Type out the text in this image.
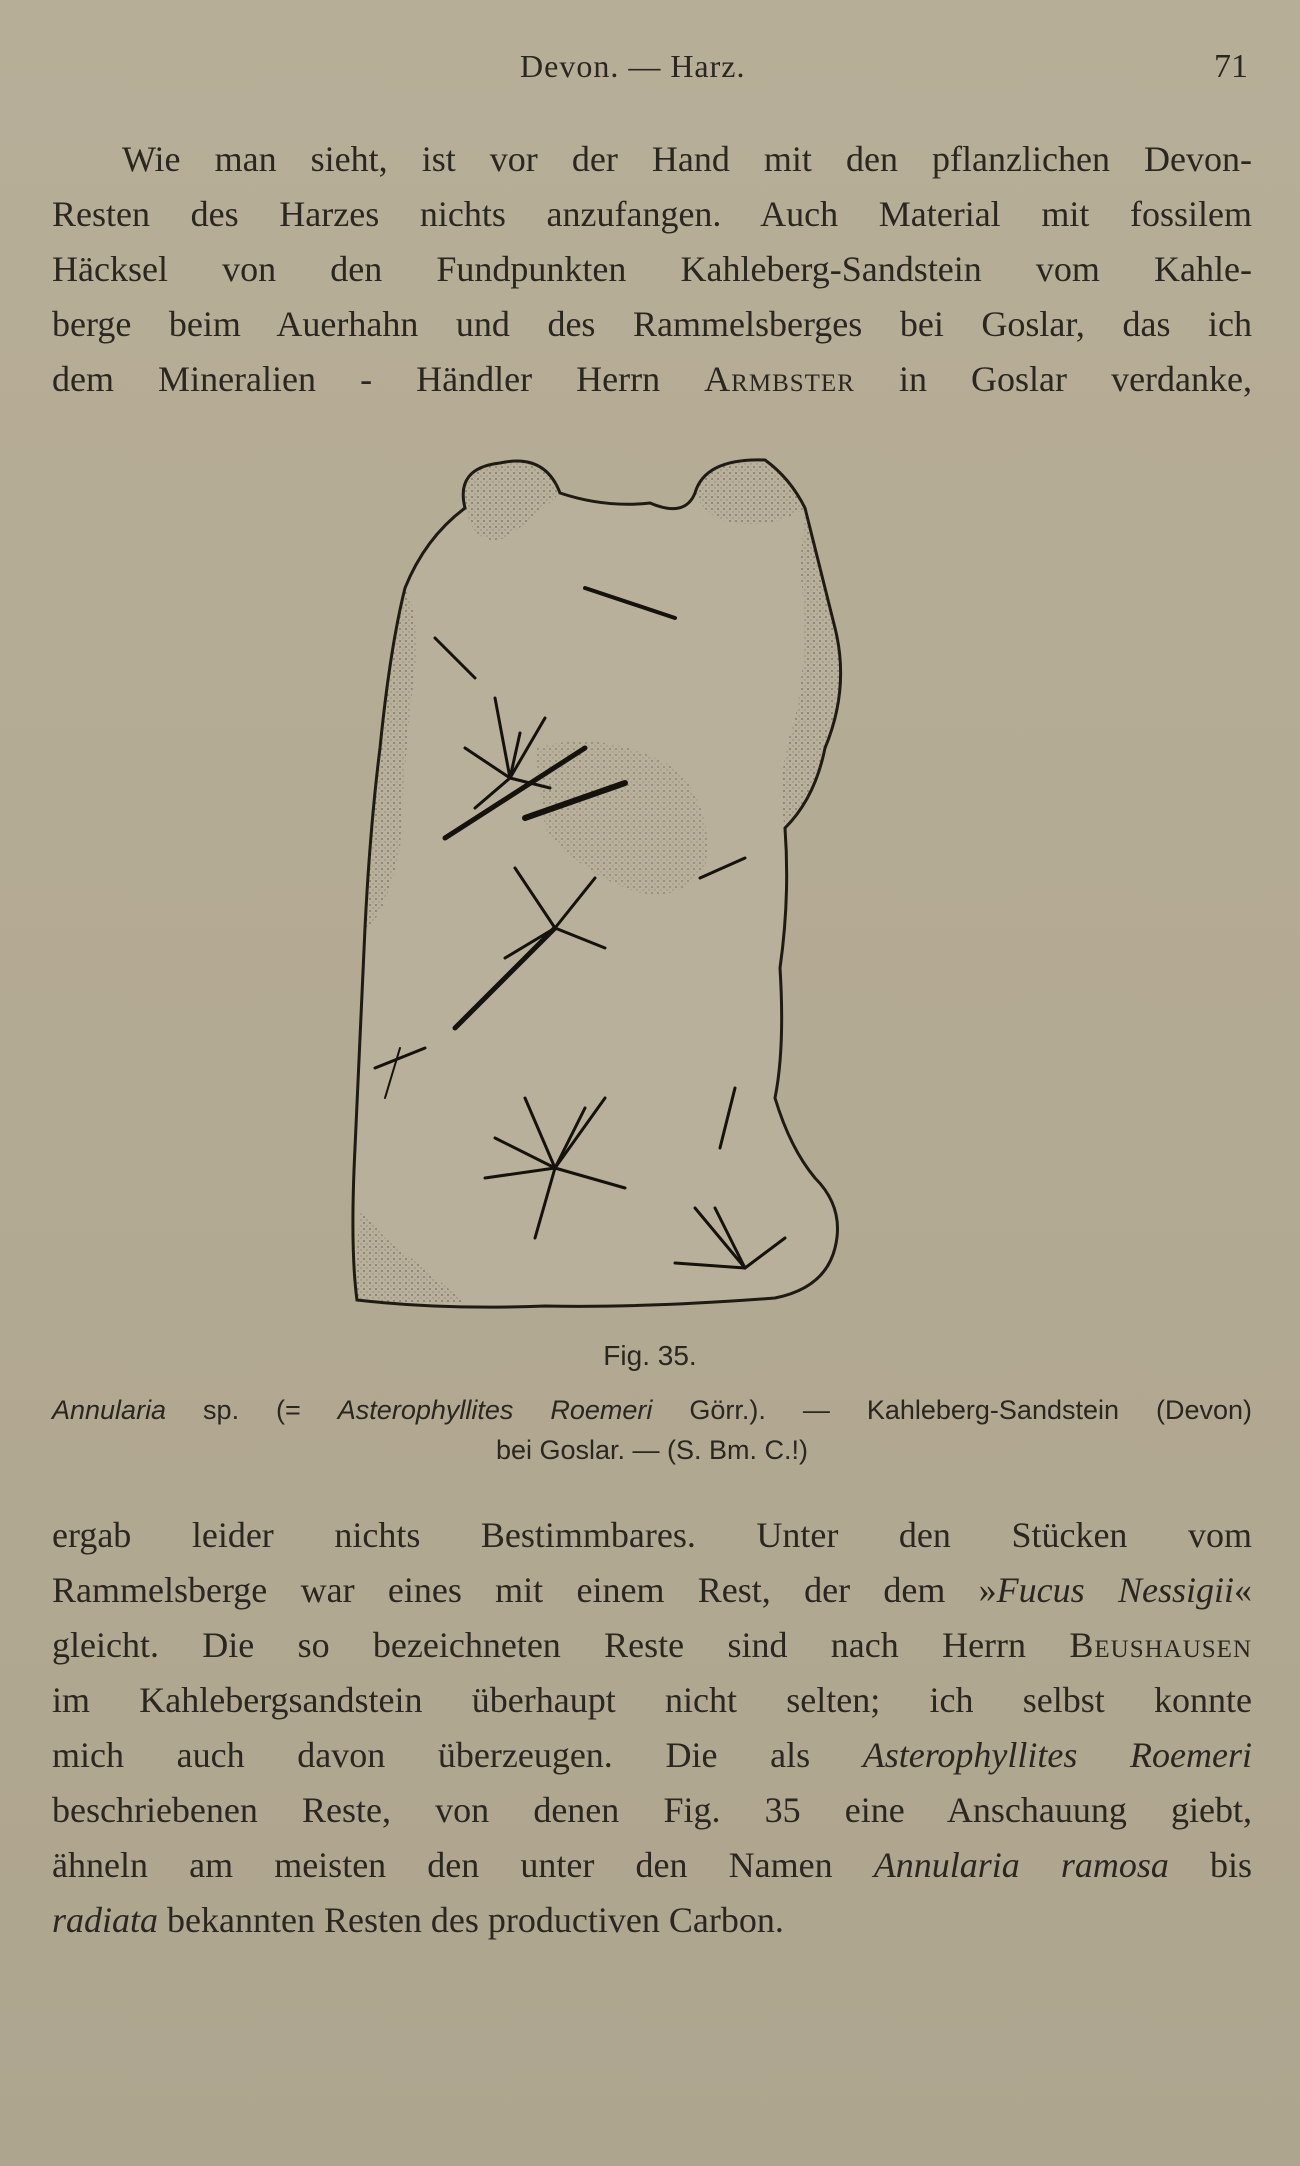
Devon. — Harz.	71
Wie man sieht, ist vor der Hand mit den pflanzlichen Devon-
Resten des Harzes nichts anzufangen. Auch Material mit fossilem
Häcksel von den Fundpunkten Kahleberg-Sandstein vom Kahle-
berge beim Auerhahn und des Rammelsberges bei Goslar, das ich
dem Mineralien - Händler Herrn Armbster in Goslar verdanke,
Fig. 35.
Annularia sp. (= Asterophyllites Roemeri Görr.). — Kahleberg-Sandstein (Devon)
bei Goslar. — (S. Bm. C.!)
ergab leider nichts Bestimmbares. Unter den Stücken vom
Rammelsberge war eines mit einem Rest, der dem »Fucus Nessigii«
gleicht. Die so bezeichneten Reste sind nach Herrn Beushausen
im Kahlebergsandstein überhaupt nicht selten; ich selbst konnte
mich auch davon überzeugen. Die als Asterophyllites Roemeri
beschriebenen Reste, von denen Fig. 35 eine Anschauung giebt,
ähneln am meisten den unter den Namen Annularia ramosa bis
radiata bekannten Resten des productiven Carbon.
